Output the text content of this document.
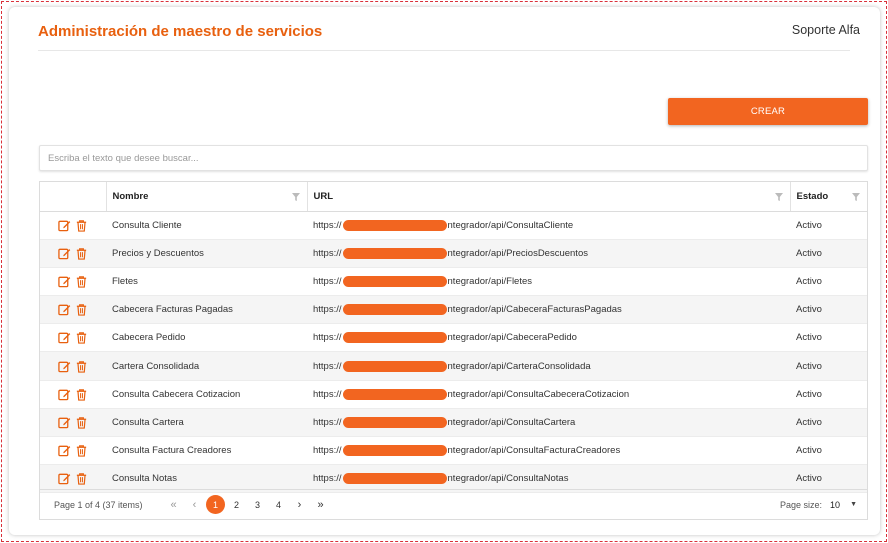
Administración de maestro de servicios	Soporte Alfa
CREAR
Escriba el texto que desee buscar...
	Nombre	URL	Estado

	Consulta Cliente	https:// ntegrador/api/ConsultaCliente	Activo

	Precios y Descuentos	https:// ntegrador/api/PreciosDescuentos	Activo

	Fletes	https:// ntegrador/api/Fletes	Activo

	Cabecera Facturas Pagadas	https:// ntegrador/api/CabeceraFacturasPagadas	Activo

	Cabecera Pedido	https:// ntegrador/api/CabeceraPedido	Activo

	Cartera Consolidada	https:// ntegrador/api/CarteraConsolidada	Activo

	Consulta Cabecera Cotizacion	https:// ntegrador/api/ConsultaCabeceraCotizacion	Activo

	Consulta Cartera	https:// ntegrador/api/ConsultaCartera	Activo

	Consulta Factura Creadores	https:// ntegrador/api/ConsultaFacturaCreadores	Activo

	Consulta Notas	https:// ntegrador/api/ConsultaNotas	Activo
Page 1 of 4 (37 items)	«	‹	1	2	3	4	›	»	Page size: 10 ▼
